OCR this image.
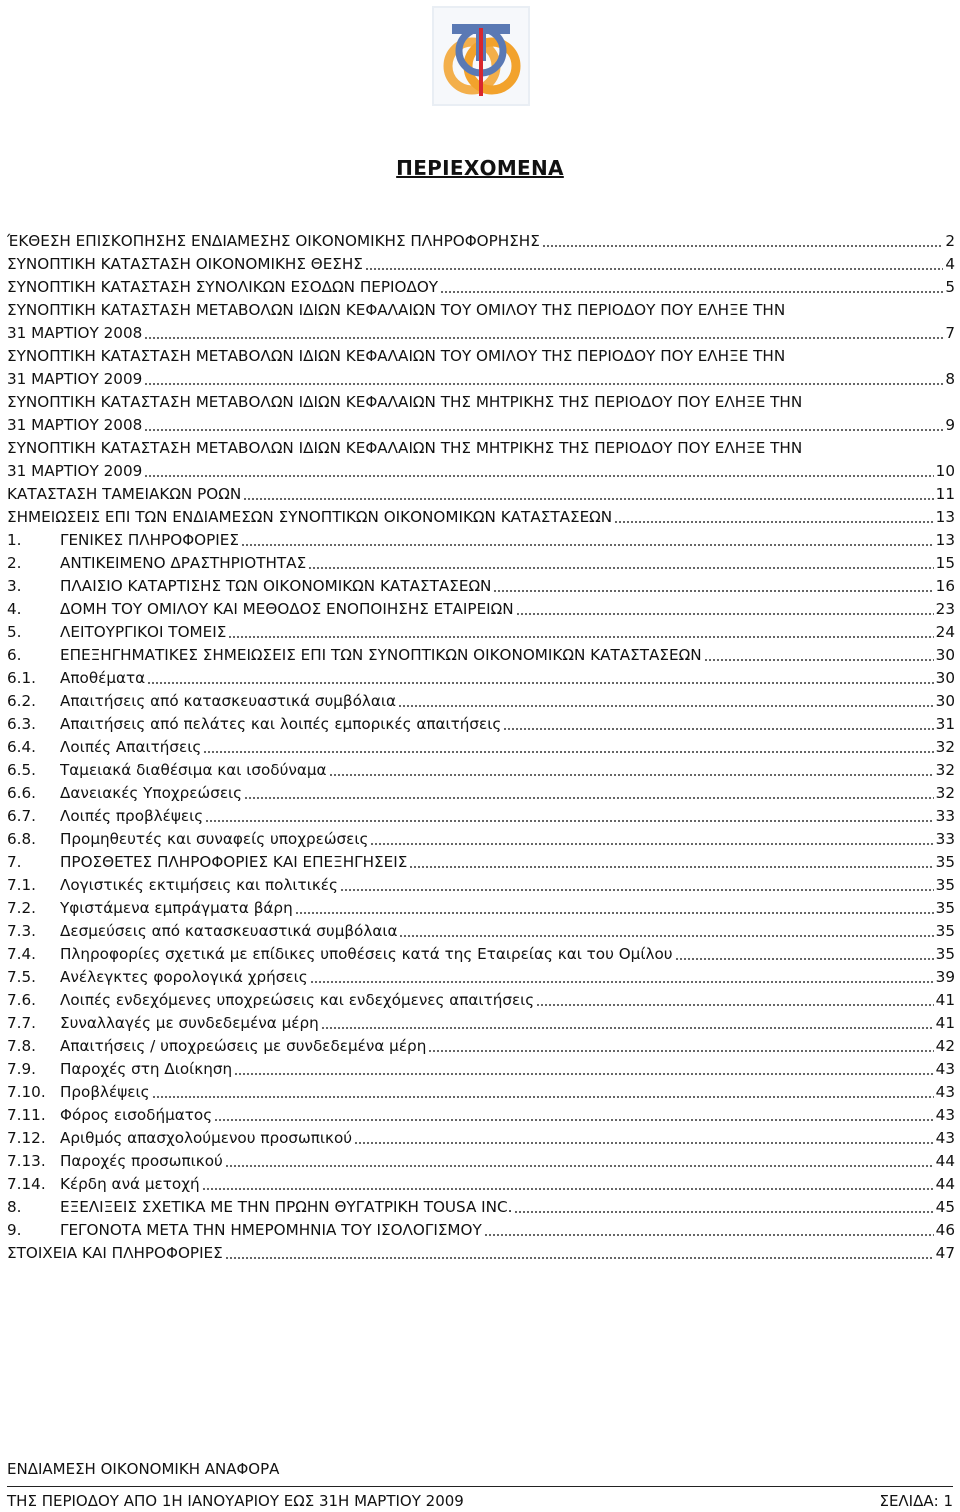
ΠΕΡΙΕΧΟΜΕΝΑ
ΈΚΘΕΣΗ ΕΠΙΣΚΟΠΗΣΗΣ ΕΝΔΙΑΜΕΣΗΣ ΟΙΚΟΝΟΜΙΚΗΣ ΠΛΗΡΟΦΟΡΗΣΗΣ	2
ΣΥΝΟΠΤΙΚΗ ΚΑΤΑΣΤΑΣΗ ΟΙΚΟΝΟΜΙΚΗΣ ΘΕΣΗΣ	4
ΣΥΝΟΠΤΙΚΗ ΚΑΤΑΣΤΑΣΗ ΣΥΝΟΛΙΚΩΝ ΕΣΟΔΩΝ ΠΕΡΙΟΔΟΥ	5
ΣΥΝΟΠΤΙΚΗ ΚΑΤΑΣΤΑΣΗ ΜΕΤΑΒΟΛΩΝ ΙΔΙΩΝ ΚΕΦΑΛΑΙΩΝ ΤΟΥ ΟΜΙΛΟΥ ΤΗΣ ΠΕΡΙΟΔΟΥ ΠΟΥ ΕΛΗΞΕ ΤΗΝ
31 ΜΑΡΤΙΟΥ 2008	7
ΣΥΝΟΠΤΙΚΗ ΚΑΤΑΣΤΑΣΗ ΜΕΤΑΒΟΛΩΝ ΙΔΙΩΝ ΚΕΦΑΛΑΙΩΝ ΤΟΥ ΟΜΙΛΟΥ ΤΗΣ ΠΕΡΙΟΔΟΥ ΠΟΥ ΕΛΗΞΕ ΤΗΝ
31 ΜΑΡΤΙΟΥ 2009	8
ΣΥΝΟΠΤΙΚΗ ΚΑΤΑΣΤΑΣΗ ΜΕΤΑΒΟΛΩΝ ΙΔΙΩΝ ΚΕΦΑΛΑΙΩΝ ΤΗΣ ΜΗΤΡΙΚΗΣ ΤΗΣ ΠΕΡΙΟΔΟΥ ΠΟΥ ΕΛΗΞΕ ΤΗΝ
31 ΜΑΡΤΙΟΥ 2008	9
ΣΥΝΟΠΤΙΚΗ ΚΑΤΑΣΤΑΣΗ ΜΕΤΑΒΟΛΩΝ ΙΔΙΩΝ ΚΕΦΑΛΑΙΩΝ ΤΗΣ ΜΗΤΡΙΚΗΣ ΤΗΣ ΠΕΡΙΟΔΟΥ ΠΟΥ ΕΛΗΞΕ ΤΗΝ
31 ΜΑΡΤΙΟΥ 2009	10
ΚΑΤΑΣΤΑΣΗ ΤΑΜΕΙΑΚΩΝ ΡΟΩΝ	11
ΣΗΜΕΙΩΣΕΙΣ ΕΠΙ ΤΩΝ ΕΝΔΙΑΜΕΣΩΝ ΣΥΝΟΠΤΙΚΩΝ ΟΙΚΟΝΟΜΙΚΩΝ ΚΑΤΑΣΤΑΣΕΩΝ	13
1.	ΓΕΝΙΚΕΣ ΠΛΗΡΟΦΟΡΙΕΣ	13
2.	ΑΝΤΙΚΕΙΜΕΝΟ ΔΡΑΣΤΗΡΙΟΤΗΤΑΣ	15
3.	ΠΛΑΙΣΙΟ ΚΑΤΑΡΤΙΣΗΣ ΤΩΝ ΟΙΚΟΝΟΜΙΚΩΝ ΚΑΤΑΣΤΑΣΕΩΝ	16
4.	ΔΟΜΗ ΤΟΥ ΟΜΙΛΟΥ ΚΑΙ ΜΕΘΟΔΟΣ ΕΝΟΠΟΙΗΣΗΣ ΕΤΑΙΡΕΙΩΝ	23
5.	ΛΕΙΤΟΥΡΓΙΚΟΙ ΤΟΜΕΙΣ	24
6.	ΕΠΕΞΗΓΗΜΑΤΙΚΕΣ ΣΗΜΕΙΩΣΕΙΣ ΕΠΙ ΤΩΝ ΣΥΝΟΠΤΙΚΩΝ ΟΙΚΟΝΟΜΙΚΩΝ ΚΑΤΑΣΤΑΣΕΩΝ	30
6.1.	Αποθέματα	30
6.2.	Απαιτήσεις από κατασκευαστικά συμβόλαια	30
6.3.	Απαιτήσεις από πελάτες και λοιπές εμπορικές απαιτήσεις	31
6.4.	Λοιπές Απαιτήσεις	32
6.5.	Ταμειακά διαθέσιμα και ισοδύναμα	32
6.6.	Δανειακές Υποχρεώσεις	32
6.7.	Λοιπές προβλέψεις	33
6.8.	Προμηθευτές και συναφείς υποχρεώσεις	33
7.	ΠΡΟΣΘΕΤΕΣ ΠΛΗΡΟΦΟΡΙΕΣ ΚΑΙ ΕΠΕΞΗΓΗΣΕΙΣ	35
7.1.	Λογιστικές εκτιμήσεις και πολιτικές	35
7.2.	Υφιστάμενα εμπράγματα βάρη	35
7.3.	Δεσμεύσεις από κατασκευαστικά συμβόλαια	35
7.4.	Πληροφορίες σχετικά με επίδικες υποθέσεις κατά της Εταιρείας και του Ομίλου	35
7.5.	Ανέλεγκτες φορολογικά χρήσεις	39
7.6.	Λοιπές ενδεχόμενες υποχρεώσεις και ενδεχόμενες απαιτήσεις	41
7.7.	Συναλλαγές με συνδεδεμένα μέρη	41
7.8.	Απαιτήσεις / υποχρεώσεις με συνδεδεμένα μέρη	42
7.9.	Παροχές στη Διοίκηση	43
7.10. Προβλέψεις	43
7.11. Φόρος εισοδήματος	43
7.12. Αριθμός απασχολούμενου προσωπικού	43
7.13. Παροχές προσωπικού	44
7.14. Κέρδη ανά μετοχή	44
8.	ΕΞΕΛΙΞΕΙΣ ΣΧΕΤΙΚΑ ΜΕ ΤΗΝ ΠΡΩΗΝ ΘΥΓΑΤΡΙΚΗ TOUSA INC.	45
9.	ΓΕΓΟΝΟΤΑ ΜΕΤΑ ΤΗΝ ΗΜΕΡΟΜΗΝΙΑ ΤΟΥ ΙΣΟΛΟΓΙΣΜΟΥ	46
ΣΤΟΙΧΕΙΑ ΚΑΙ ΠΛΗΡΟΦΟΡΙΕΣ	47
ΕΝΔΙΑΜΕΣΗ ΟΙΚΟΝΟΜΙΚΗ ΑΝΑΦΟΡΑ
ΤΗΣ ΠΕΡΙΟΔΟΥ ΑΠΟ 1Η ΙΑΝΟΥΑΡΙΟΥ ΕΩΣ 31Η ΜΑΡΤΙΟΥ 2009	ΣΕΛΙΔΑ: 1
